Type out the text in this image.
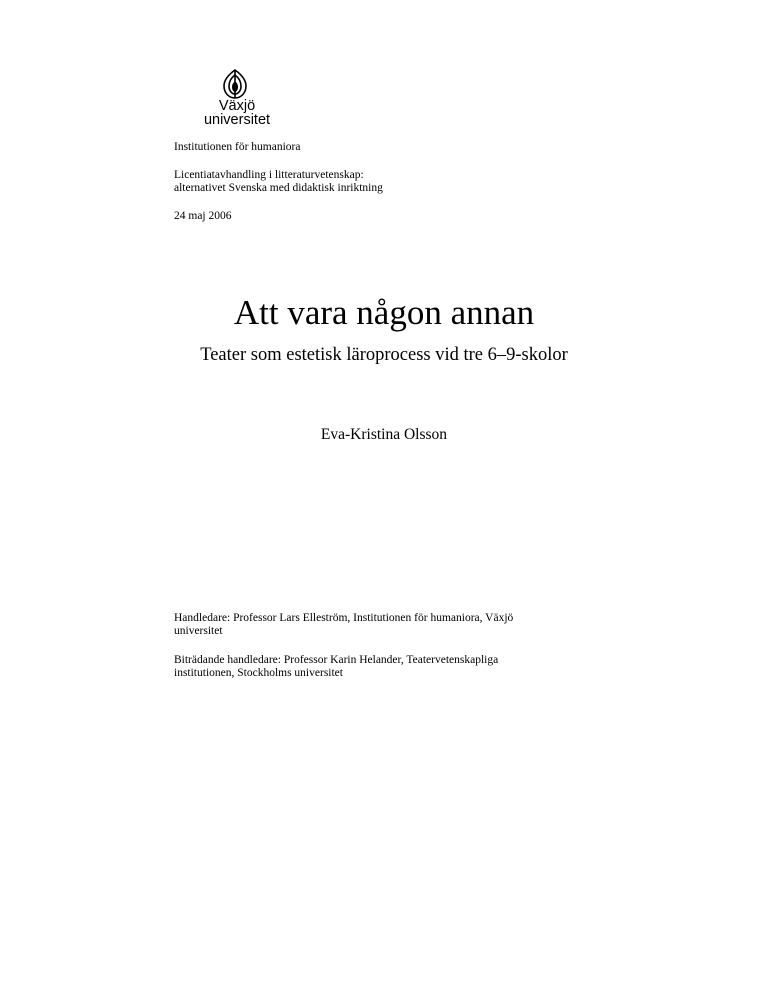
Växjö
universitet
Institutionen för humaniora
Licentiatavhandling i litteraturvetenskap:
alternativet Svenska med didaktisk inriktning
24 maj 2006
Att vara någon annan
Teater som estetisk läroprocess vid tre 6–9-skolor
Eva-Kristina Olsson
Handledare: Professor Lars Elleström, Institutionen för humaniora, Växjö
universitet
Biträdande handledare: Professor Karin Helander, Teatervetenskapliga
institutionen, Stockholms universitet
